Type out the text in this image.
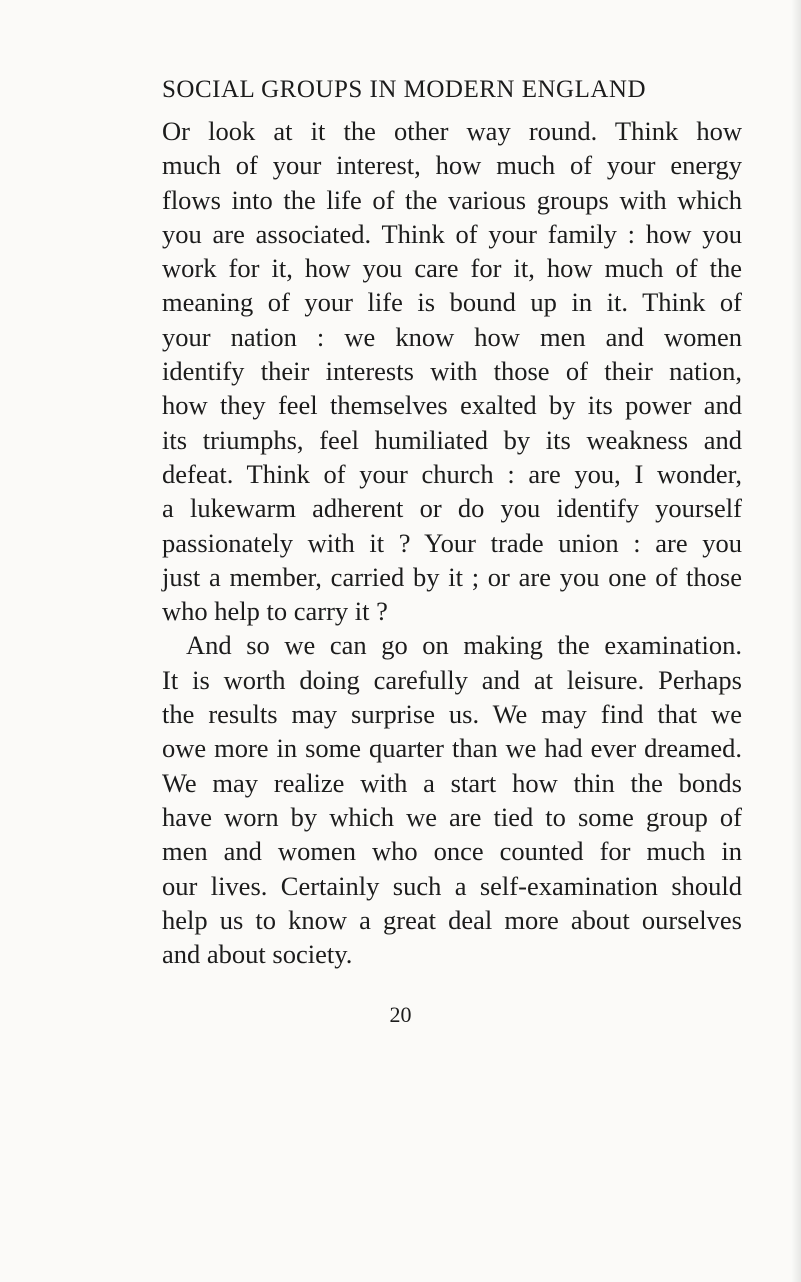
SOCIAL GROUPS IN MODERN ENGLAND
Or look at it the other way round. Think how
much of your interest, how much of your energy
flows into the life of the various groups with which
you are associated. Think of your family : how you
work for it, how you care for it, how much of the
meaning of your life is bound up in it. Think of
your nation : we know how men and women
identify their interests with those of their nation,
how they feel themselves exalted by its power and
its triumphs, feel humiliated by its weakness and
defeat. Think of your church : are you, I wonder,
a lukewarm adherent or do you identify yourself
passionately with it ? Your trade union : are you
just a member, carried by it ; or are you one of those
who help to carry it ?
And so we can go on making the examination.
It is worth doing carefully and at leisure. Perhaps
the results may surprise us. We may find that we
owe more in some quarter than we had ever dreamed.
We may realize with a start how thin the bonds
have worn by which we are tied to some group of
men and women who once counted for much in
our lives. Certainly such a self-examination should
help us to know a great deal more about ourselves
and about society.
20
